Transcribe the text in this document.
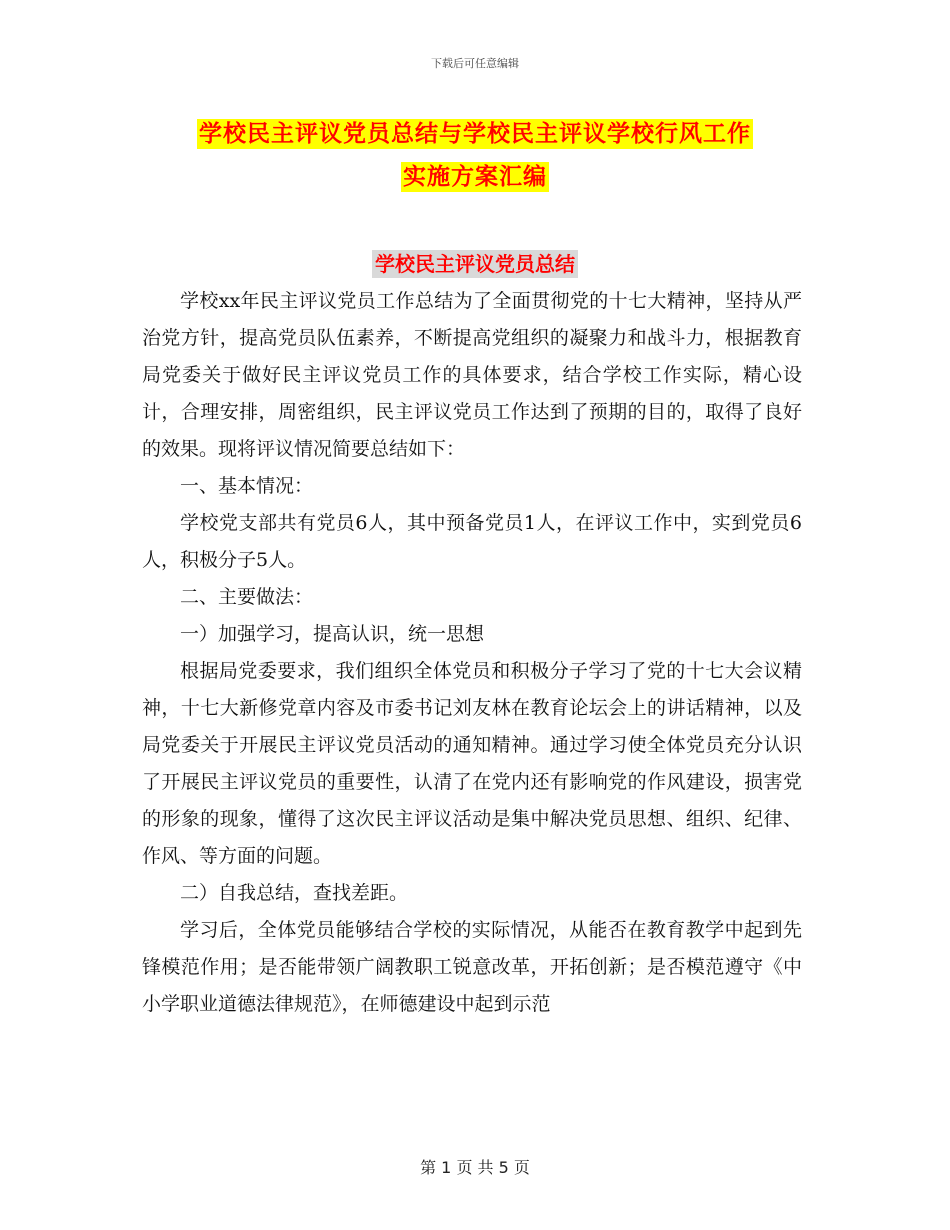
下载后可任意编辑
学校民主评议党员总结与学校民主评议学校行风工作
实施方案汇编
学校民主评议党员总结

学校xx年民主评议党员工作总结为了全面贯彻党的十七大精神，坚持从严治党方针，提高党员队伍素养，不断提高党组织的凝聚力和战斗力，根据教育局党委关于做好民主评议党员工作的具体要求，结合学校工作实际，精心设计，合理安排，周密组织，民主评议党员工作达到了预期的目的，取得了良好的效果。现将评议情况简要总结如下：

一、基本情况：

学校党支部共有党员6人，其中预备党员1人，在评议工作中，实到党员6人，积极分子5人。

二、主要做法：

一）加强学习，提高认识，统一思想

根据局党委要求，我们组织全体党员和积极分子学习了党的十七大会议精神，十七大新修党章内容及市委书记刘友林在教育论坛会上的讲话精神，以及局党委关于开展民主评议党员活动的通知精神。通过学习使全体党员充分认识了开展民主评议党员的重要性，认清了在党内还有影响党的作风建设，损害党的形象的现象，懂得了这次民主评议活动是集中解决党员思想、组织、纪律、作风、等方面的问题。

二）自我总结，查找差距。

学习后，全体党员能够结合学校的实际情况，从能否在教育教学中起到先锋模范作用；是否能带领广阔教职工锐意改革，开拓创新；是否模范遵守《中小学职业道德法律规范》，在师德建设中起到示范

第 1 页 共 5 页
